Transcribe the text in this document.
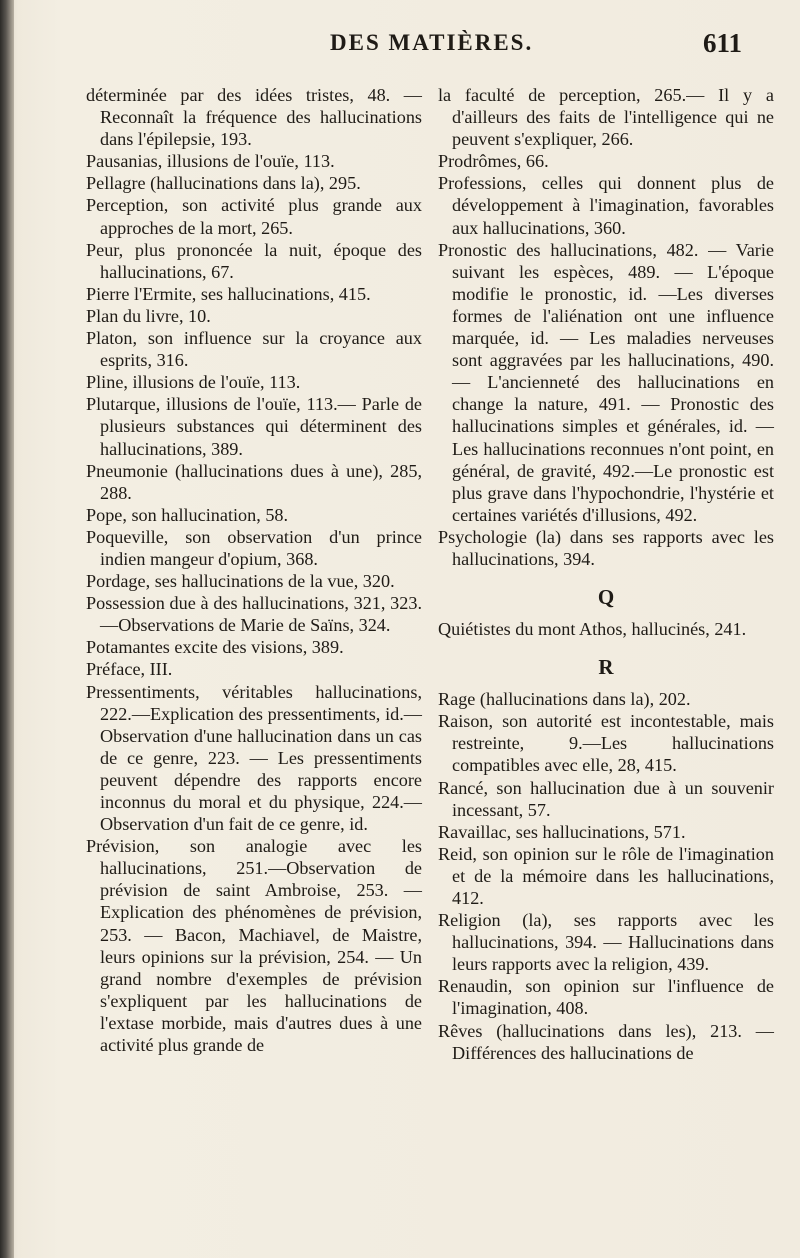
DES MATIÈRES.	611

déterminée par des idées tristes, 48. — Reconnaît la fréquence des hallucinations dans l'épilepsie, 193.

Pausanias, illusions de l'ouïe, 113.

Pellagre (hallucinations dans la), 295.

Perception, son activité plus grande aux approches de la mort, 265.

Peur, plus prononcée la nuit, époque des hallucinations, 67.

Pierre l'Ermite, ses hallucinations, 415.

Plan du livre, 10.

Platon, son influence sur la croyance aux esprits, 316.

Pline, illusions de l'ouïe, 113.

Plutarque, illusions de l'ouïe, 113.— Parle de plusieurs substances qui déterminent des hallucinations, 389.

Pneumonie (hallucinations dues à une), 285, 288.

Pope, son hallucination, 58.

Poqueville, son observation d'un prince indien mangeur d'opium, 368.

Pordage, ses hallucinations de la vue, 320.

Possession due à des hallucinations, 321, 323.—Observations de Marie de Saïns, 324.

Potamantes excite des visions, 389.

Préface, III.

Pressentiments, véritables hallucinations, 222.—Explication des pressentiments, id.—Observation d'une hallucination dans un cas de ce genre, 223. — Les pressentiments peuvent dépendre des rapports encore inconnus du moral et du physique, 224.—Observation d'un fait de ce genre, id.

Prévision, son analogie avec les hallucinations, 251.—Observation de prévision de saint Ambroise, 253. — Explication des phénomènes de prévision, 253. — Bacon, Machiavel, de Maistre, leurs opinions sur la prévision, 254. — Un grand nombre d'exemples de prévision s'expliquent par les hallucinations de l'extase morbide, mais d'autres dues à une activité plus grande de

la faculté de perception, 265.— Il y a d'ailleurs des faits de l'intelligence qui ne peuvent s'expliquer, 266.

Prodrômes, 66.

Professions, celles qui donnent plus de développement à l'imagination, favorables aux hallucinations, 360.

Pronostic des hallucinations, 482. — Varie suivant les espèces, 489. — L'époque modifie le pronostic, id. —Les diverses formes de l'aliénation ont une influence marquée, id. — Les maladies nerveuses sont aggravées par les hallucinations, 490. — L'ancienneté des hallucinations en change la nature, 491. — Pronostic des hallucinations simples et générales, id. — Les hallucinations reconnues n'ont point, en général, de gravité, 492.—Le pronostic est plus grave dans l'hypochondrie, l'hystérie et certaines variétés d'illusions, 492.

Psychologie (la) dans ses rapports avec les hallucinations, 394.

Q

Quiétistes du mont Athos, hallucinés, 241.

R

Rage (hallucinations dans la), 202.

Raison, son autorité est incontestable, mais restreinte, 9.—Les hallucinations compatibles avec elle, 28, 415.

Rancé, son hallucination due à un souvenir incessant, 57.

Ravaillac, ses hallucinations, 571.

Reid, son opinion sur le rôle de l'imagination et de la mémoire dans les hallucinations, 412.

Religion (la), ses rapports avec les hallucinations, 394. — Hallucinations dans leurs rapports avec la religion, 439.

Renaudin, son opinion sur l'influence de l'imagination, 408.

Rêves (hallucinations dans les), 213. — Différences des hallucinations de
